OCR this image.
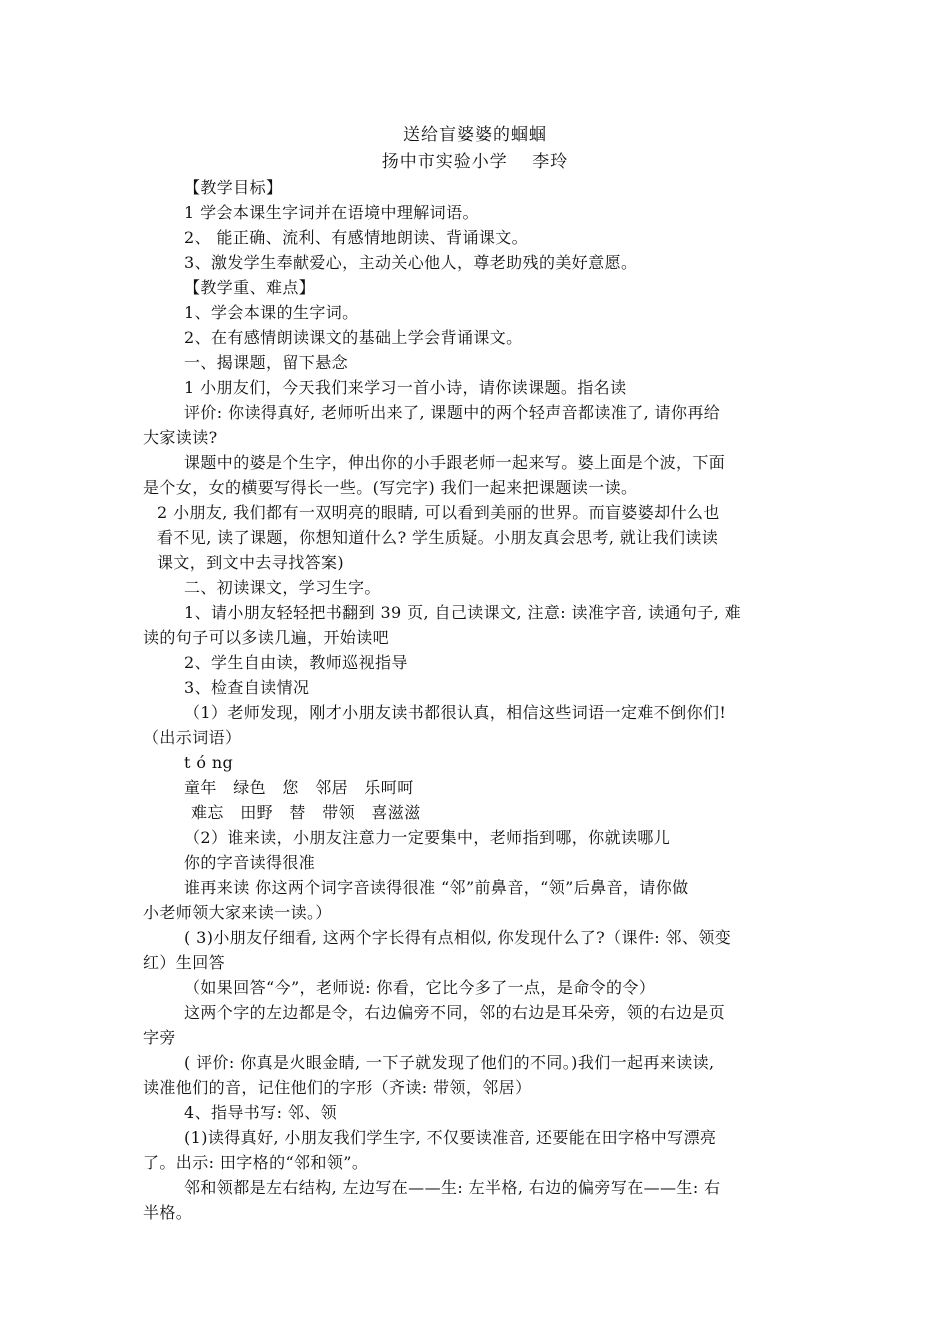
送给盲婆婆的蝈蝈

扬中市实验小学　 李玲

【教学目标】

1 学会本课生字词并在语境中理解词语。

2、 能正确、流利、有感情地朗读、背诵课文。

3、激发学生奉献爱心，主动关心他人，尊老助残的美好意愿。

【教学重、难点】

1、学会本课的生字词。

2、在有感情朗读课文的基础上学会背诵课文。

一、揭课题，留下悬念

1 小朋友们，今天我们来学习一首小诗，请你读课题。指名读

评价: 你读得真好, 老师听出来了, 课题中的两个轻声音都读准了, 请你再给

大家读读?

课题中的婆是个生字，伸出你的小手跟老师一起来写。婆上面是个波，下面

是个女，女的横要写得长一些。(写完字) 我们一起来把课题读一读。

2 小朋友, 我们都有一双明亮的眼睛, 可以看到美丽的世界。而盲婆婆却什么也

看不见, 读了课题，你想知道什么? 学生质疑。小朋友真会思考, 就让我们读读

课文，到文中去寻找答案)

二、初读课文，学习生字。

1、请小朋友轻轻把书翻到 39 页, 自己读课文, 注意: 读准字音, 读通句子, 难

读的句子可以多读几遍，开始读吧

2、学生自由读，教师巡视指导

3、检查自读情况

（1）老师发现，刚才小朋友读书都很认真，相信这些词语一定难不倒你们!

（出示词语）

t ó ng

童年　绿色　您　邻居　乐呵呵

难忘　田野　替　带领　喜滋滋

（2）谁来读，小朋友注意力一定要集中，老师指到哪，你就读哪儿

你的字音读得很准

谁再来读 你这两个词字音读得很准 “邻”前鼻音，“领”后鼻音，请你做

小老师领大家来读一读。）

( 3)小朋友仔细看, 这两个字长得有点相似, 你发现什么了?（课件: 邻、领变

红）生回答

（如果回答“今”，老师说: 你看，它比今多了一点，是命令的令）

这两个字的左边都是令，右边偏旁不同，邻的右边是耳朵旁，领的右边是页

字旁

( 评价: 你真是火眼金睛, 一下子就发现了他们的不同。)我们一起再来读读,

读准他们的音，记住他们的字形（齐读: 带领，邻居）

4、指导书写: 邻、领

(1)读得真好, 小朋友我们学生字, 不仅要读准音, 还要能在田字格中写漂亮

了。出示: 田字格的“邻和领”。

邻和领都是左右结构, 左边写在——生: 左半格, 右边的偏旁写在——生: 右

半格。
